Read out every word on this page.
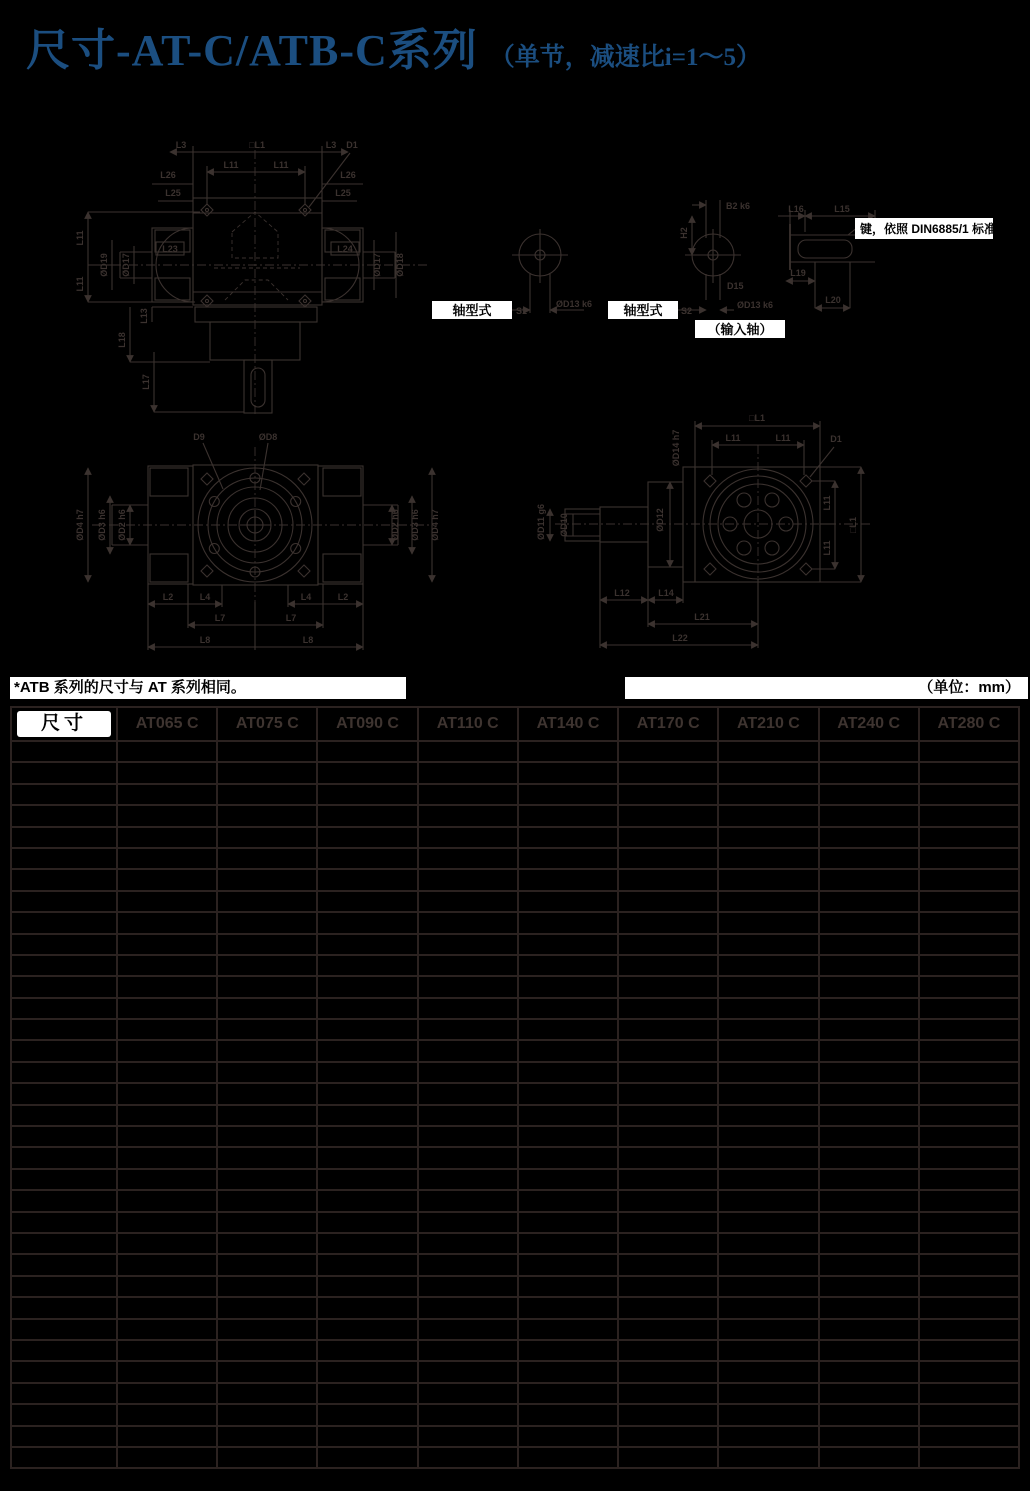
尺寸-AT-C/ATB-C系列 （单节，减速比i=1～5）
L3	□L1	L3 D1
L11	L11
L26
L25
L26
L25
L11
L11
ØD19 ØD17
L23	L24
ØD17 ØD18
L13
L18
L17
ØD13 k6
轴型式	S1
B2 k6
H2
D15
ØD13 k6
轴型式 S2
（输入轴）
L16	L15
L19
L20
键，依照 DIN6885/1 标准
D9	ØD8
ØD4 h7 ØD3 h6 ØD2 h6	ØD2 h6 ØD3 h6 ØD4 h7
L2	L4	L4	L2
L7	L7
L8	L8
□L1
L11	L11	D1
ØD14 h7
ØD12
ØD11 g6 ØD10
L11
L11
□L1
L12	L14
L21
L22
*ATB 系列的尺寸与 AT 系列相同。	（单位：mm）
尺寸	AT065 C	AT075 C	AT090 C	AT110 C	AT140 C	AT170 C	AT210 C	AT240 C	AT280 C
